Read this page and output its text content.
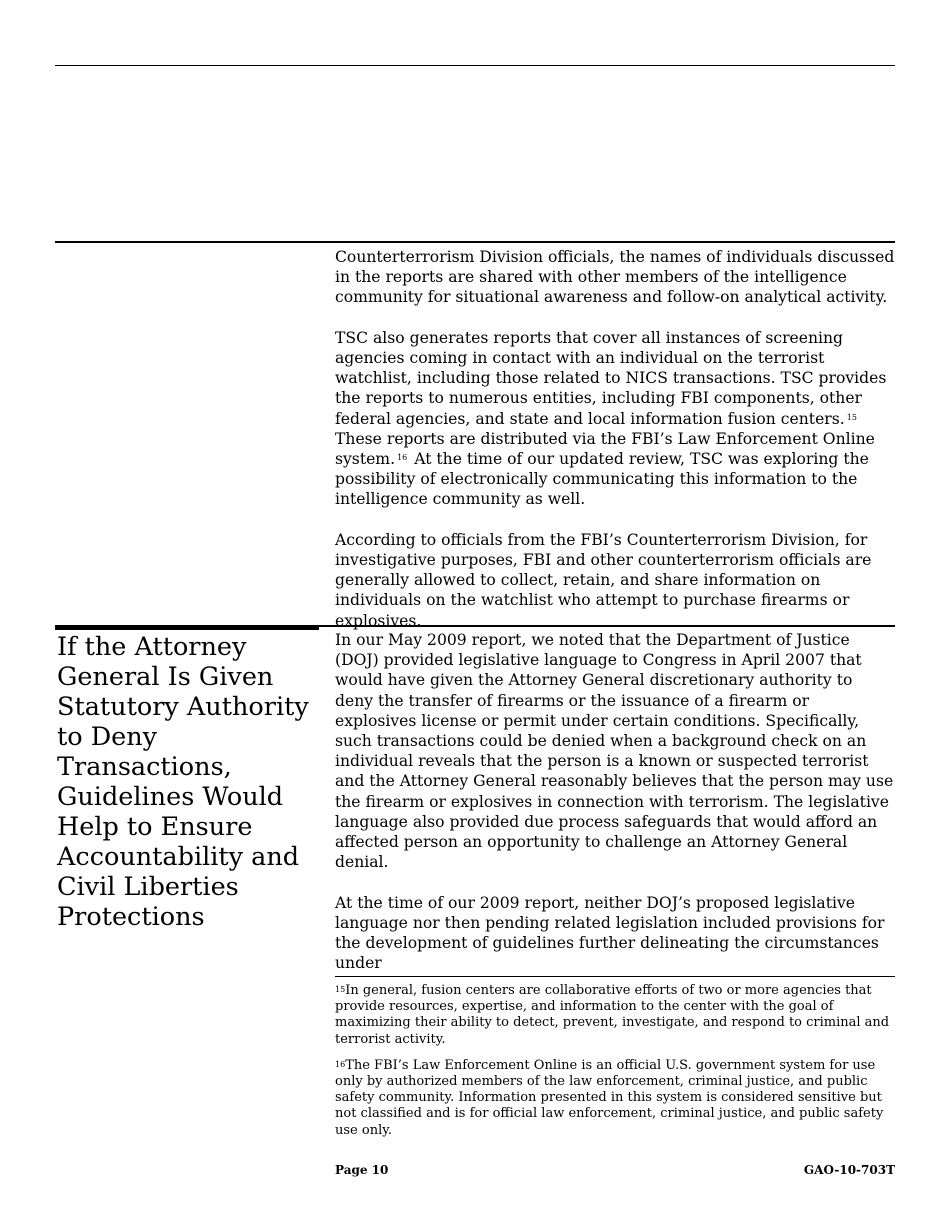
Counterterrorism Division officials, the names of individuals discussed in the reports are shared with other members of the intelligence community for situational awareness and follow-on analytical activity.

TSC also generates reports that cover all instances of screening agencies coming in contact with an individual on the terrorist watchlist, including those related to NICS transactions. TSC provides the reports to numerous entities, including FBI components, other federal agencies, and state and local information fusion centers. $^{15}$ These reports are distributed via the FBI’s Law Enforcement Online system. $^{16}$ At the time of our updated review, TSC was exploring the possibility of electronically communicating this information to the intelligence community as well.

According to officials from the FBI’s Counterterrorism Division, for investigative purposes, FBI and other counterterrorism officials are generally allowed to collect, retain, and share information on individuals on the watchlist who attempt to purchase firearms or explosives.

If the Attorney General Is Given Statutory Authority to Deny Transactions, Guidelines Would Help to Ensure Accountability and Civil Liberties Protections

In our May 2009 report, we noted that the Department of Justice (DOJ) provided legislative language to Congress in April 2007 that would have given the Attorney General discretionary authority to deny the transfer of firearms or the issuance of a firearm or explosives license or permit under certain conditions. Specifically, such transactions could be denied when a background check on an individual reveals that the person is a known or suspected terrorist and the Attorney General reasonably believes that the person may use the firearm or explosives in connection with terrorism. The legislative language also provided due process safeguards that would afford an affected person an opportunity to challenge an Attorney General denial.

At the time of our 2009 report, neither DOJ’s proposed legislative language nor then pending related legislation included provisions for the development of guidelines further delineating the circumstances under

$^{15}$In general, fusion centers are collaborative efforts of two or more agencies that provide resources, expertise, and information to the center with the goal of maximizing their ability to detect, prevent, investigate, and respond to criminal and terrorist activity.

$^{16}$The FBI’s Law Enforcement Online is an official U.S. government system for use only by authorized members of the law enforcement, criminal justice, and public safety community. Information presented in this system is considered sensitive but not classified and is for official law enforcement, criminal justice, and public safety use only.

Page 10	GAO-10-703T
